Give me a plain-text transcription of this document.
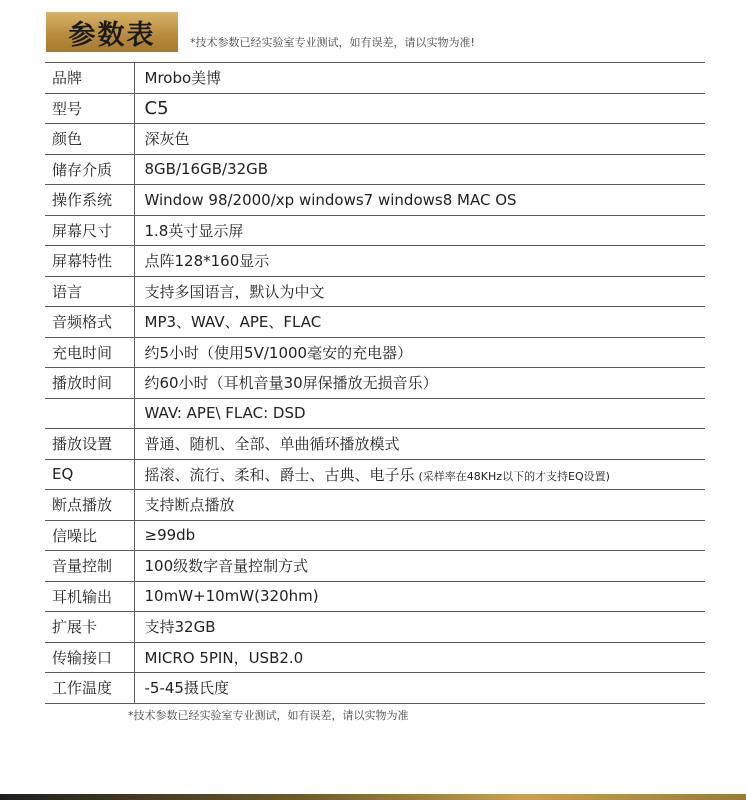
参数表	*技术参数已经实验室专业测试，如有误差，请以实物为准!
品牌	Mrobo美博
型号	C5
颜色	深灰色
储存介质	8GB/16GB/32GB
操作系统	Window 98/2000/xp windows7 windows8 MAC OS
屏幕尺寸	1.8英寸显示屏
屏幕特性	点阵128*160显示
语言	支持多国语言，默认为中文
音频格式	MP3、WAV、APE、FLAC
充电时间	约5小时（使用5V/1000毫安的充电器）
播放时间	约60小时（耳机音量30屏保播放无损音乐）
	WAV: APE\ FLAC: DSD
播放设置	普通、随机、全部、单曲循环播放模式
EQ	摇滚、流行、柔和、爵士、古典、电子乐 (采样率在48KHz以下的才支持EQ设置)
断点播放	支持断点播放
信噪比	≥99db
音量控制	100级数字音量控制方式
耳机输出	10mW+10mW(320hm)
扩展卡	支持32GB
传输接口	MICRO 5PIN，USB2.0
工作温度	-5-45摄氏度
*技术参数已经实验室专业测试，如有误差，请以实物为准
